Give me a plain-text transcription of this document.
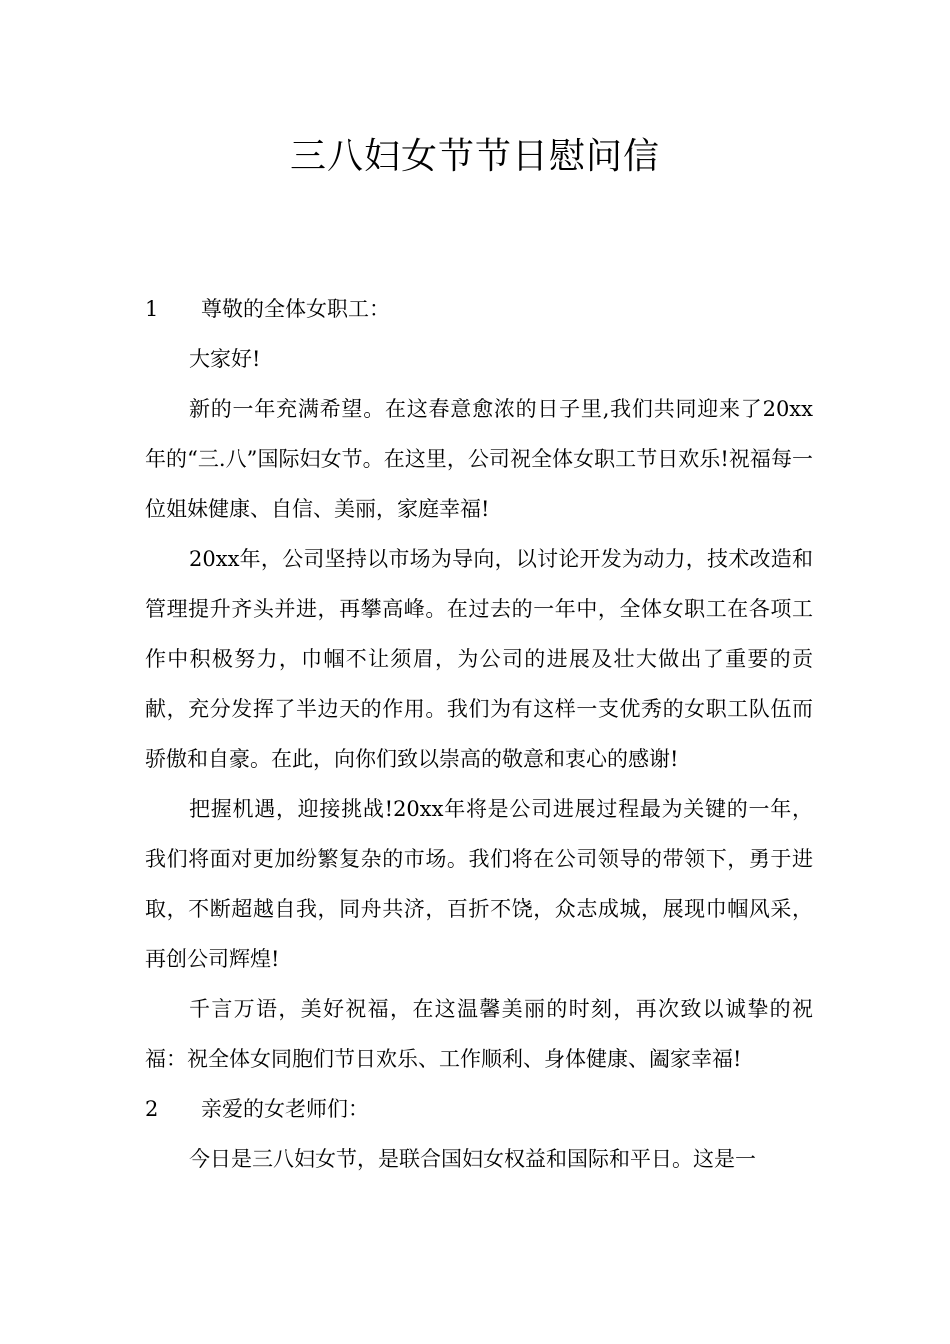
三八妇女节节日慰问信
1 尊敬的全体女职工：

大家好!

新的一年充满希望。在这春意愈浓的日子里,我们共同迎来了20xx年的“三.八”国际妇女节。在这里，公司祝全体女职工节日欢乐!祝福每一位姐妹健康、自信、美丽，家庭幸福!

20xx年，公司坚持以市场为导向，以讨论开发为动力，技术改造和管理提升齐头并进，再攀高峰。在过去的一年中，全体女职工在各项工作中积极努力，巾帼不让须眉，为公司的进展及壮大做出了重要的贡献，充分发挥了半边天的作用。我们为有这样一支优秀的女职工队伍而骄傲和自豪。在此，向你们致以崇高的敬意和衷心的感谢!

把握机遇，迎接挑战!20xx年将是公司进展过程最为关键的一年，我们将面对更加纷繁复杂的市场。我们将在公司领导的带领下，勇于进取，不断超越自我，同舟共济，百折不饶，众志成城，展现巾帼风采，再创公司辉煌!

千言万语，美好祝福，在这温馨美丽的时刻，再次致以诚挚的祝福：祝全体女同胞们节日欢乐、工作顺利、身体健康、阖家幸福!

2 亲爱的女老师们：

今日是三八妇女节，是联合国妇女权益和国际和平日。这是一
